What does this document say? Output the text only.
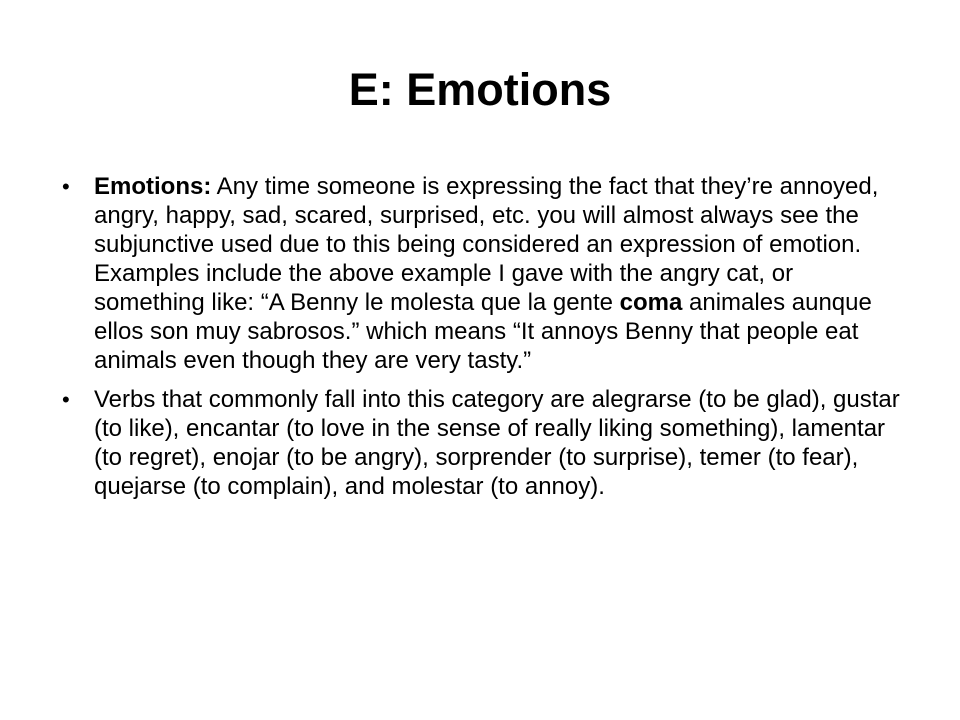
E: Emotions
• Emotions: Any time someone is expressing the fact that they’re annoyed, angry, happy, sad, scared, surprised, etc. you will almost always see the subjunctive used due to this being considered an expression of emotion. Examples include the above example I gave with the angry cat, or something like: “A Benny le molesta que la gente coma animales aunque ellos son muy sabrosos.” which means “It annoys Benny that people eat animals even though they are very tasty.”
• Verbs that commonly fall into this category are alegrarse (to be glad), gustar (to like), encantar (to love in the sense of really liking something), lamentar (to regret), enojar (to be angry), sorprender (to surprise), temer (to fear), quejarse (to complain), and molestar (to annoy).
